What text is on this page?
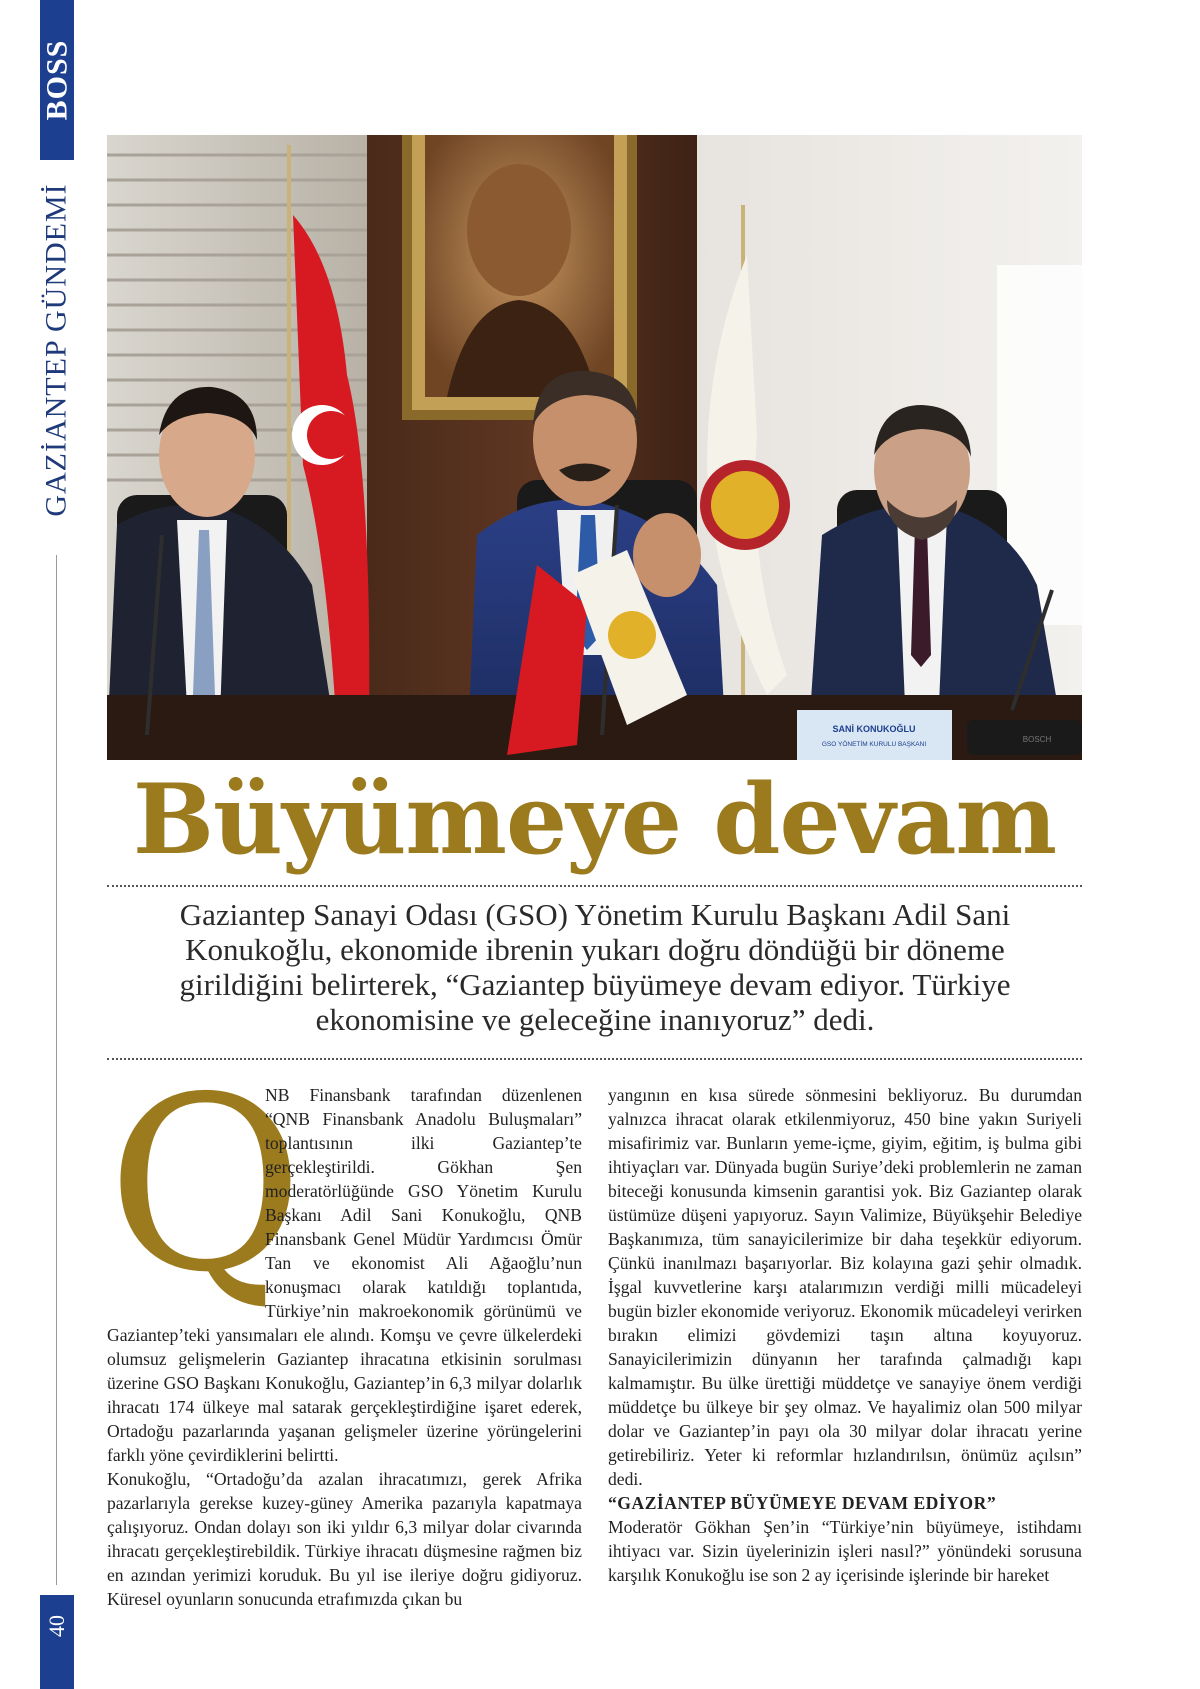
BOSS
GAZİANTEP GÜNDEMİ
40
SANİ KONUKOĞLU
GSO YÖNETİM KURULU BAŞKANI
BOSCH
Büyümeye devam

Gaziantep Sanayi Odası (GSO) Yönetim Kurulu Başkanı Adil Sani Konukoğlu, ekonomide ibrenin yukarı doğru döndüğü bir döneme girildiğini belirterek, “Gaziantep büyümeye devam ediyor. Türkiye ekonomisine ve geleceğine inanıyoruz” dedi.

Q

NB Finansbank tarafından düzenlenen “QNB Finansbank Anadolu Buluşmaları” toplantısının ilki Gaziantep’te gerçekleştirildi. Gökhan Şen moderatörlüğünde GSO Yönetim Kurulu Başkanı Adil Sani Konukoğlu, QNB Finansbank Genel Müdür Yardımcısı Ömür Tan ve ekonomist Ali Ağaoğlu’nun konuşmacı olarak katıldığı toplantıda, Türkiye’nin makroekonomik görünümü ve Gaziantep’teki yansımaları ele alındı. Komşu ve çevre ülkelerdeki olumsuz gelişmelerin Gaziantep ihracatına etkisinin sorulması üzerine GSO Başkanı Konukoğlu, Gaziantep’in 6,3 milyar dolarlık ihracatı 174 ülkeye mal satarak gerçekleştirdiğine işaret ederek, Ortadoğu pazarlarında yaşanan gelişmeler üzerine yörüngelerini farklı yöne çevirdiklerini belirtti.

Konukoğlu, “Ortadoğu’da azalan ihracatımızı, gerek Afrika pazarlarıyla gerekse kuzey-güney Amerika pazarıyla kapatmaya çalışıyoruz. Ondan dolayı son iki yıldır 6,3 milyar dolar civarında ihracatı gerçekleştirebildik. Türkiye ihracatı düşmesine rağmen biz en azından yerimizi koruduk. Bu yıl ise ileriye doğru gidiyoruz. Küresel oyunların sonucunda etrafımızda çıkan bu

yangının en kısa sürede sönmesini bekliyoruz. Bu durumdan yalnızca ihracat olarak etkilenmiyoruz, 450 bine yakın Suriyeli misafirimiz var. Bunların yeme-içme, giyim, eğitim, iş bulma gibi ihtiyaçları var. Dünyada bugün Suriye’deki problemlerin ne zaman biteceği konusunda kimsenin garantisi yok. Biz Gaziantep olarak üstümüze düşeni yapıyoruz. Sayın Valimize, Büyükşehir Belediye Başkanımıza, tüm sanayicilerimize bir daha teşekkür ediyorum. Çünkü inanılmazı başarıyorlar. Biz kolayına gazi şehir olmadık. İşgal kuvvetlerine karşı atalarımızın verdiği milli mücadeleyi bugün bizler ekonomide veriyoruz. Ekonomik mücadeleyi verirken bırakın elimizi gövdemizi taşın altına koyuyoruz. Sanayicilerimizin dünyanın her tarafında çalmadığı kapı kalmamıştır. Bu ülke ürettiği müddetçe ve sanayiye önem verdiği müddetçe bu ülkeye bir şey olmaz. Ve hayalimiz olan 500 milyar dolar ve Gaziantep’in payı ola 30 milyar dolar ihracatı yerine getirebiliriz. Yeter ki reformlar hızlandırılsın, önümüz açılsın” dedi.

“GAZİANTEP BÜYÜMEYE DEVAM EDİYOR”

Moderatör Gökhan Şen’in “Türkiye’nin büyümeye, istihdamı ihtiyacı var. Sizin üyelerinizin işleri nasıl?” yönündeki sorusuna karşılık Konukoğlu ise son 2 ay içerisinde işlerinde bir hareket
